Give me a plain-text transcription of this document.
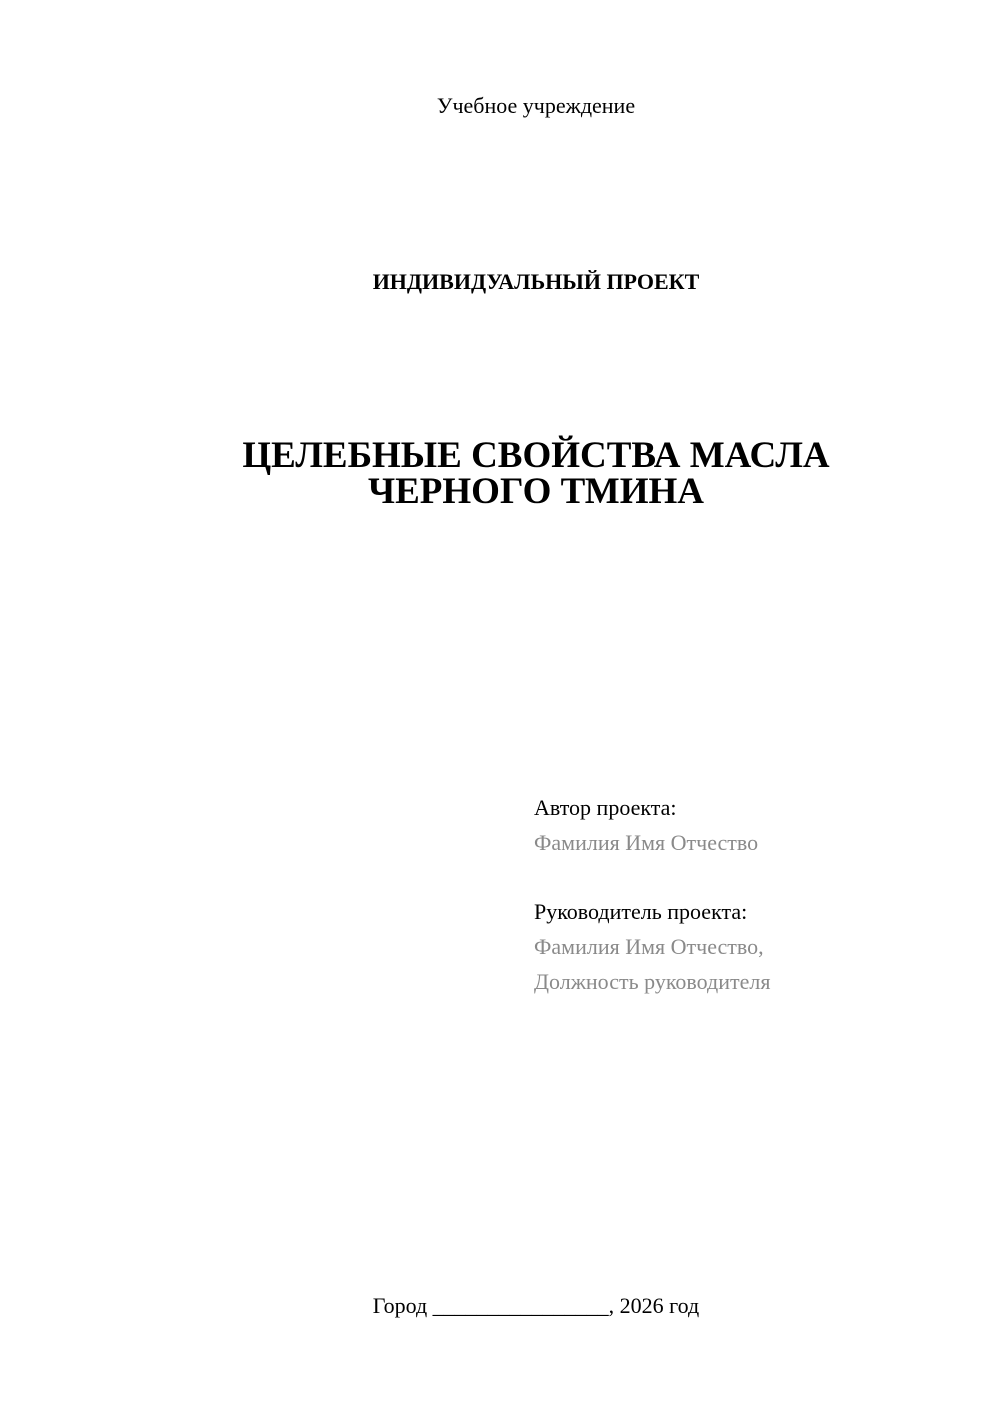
Учебное учреждение
ИНДИВИДУАЛЬНЫЙ ПРОЕКТ
ЦЕЛЕБНЫЕ СВОЙСТВА МАСЛА
ЧЕРНОГО ТМИНА
Автор проекта:
Фамилия Имя Отчество
Руководитель проекта:
Фамилия Имя Отчество,
Должность руководителя
Город ________________, 2026 год
